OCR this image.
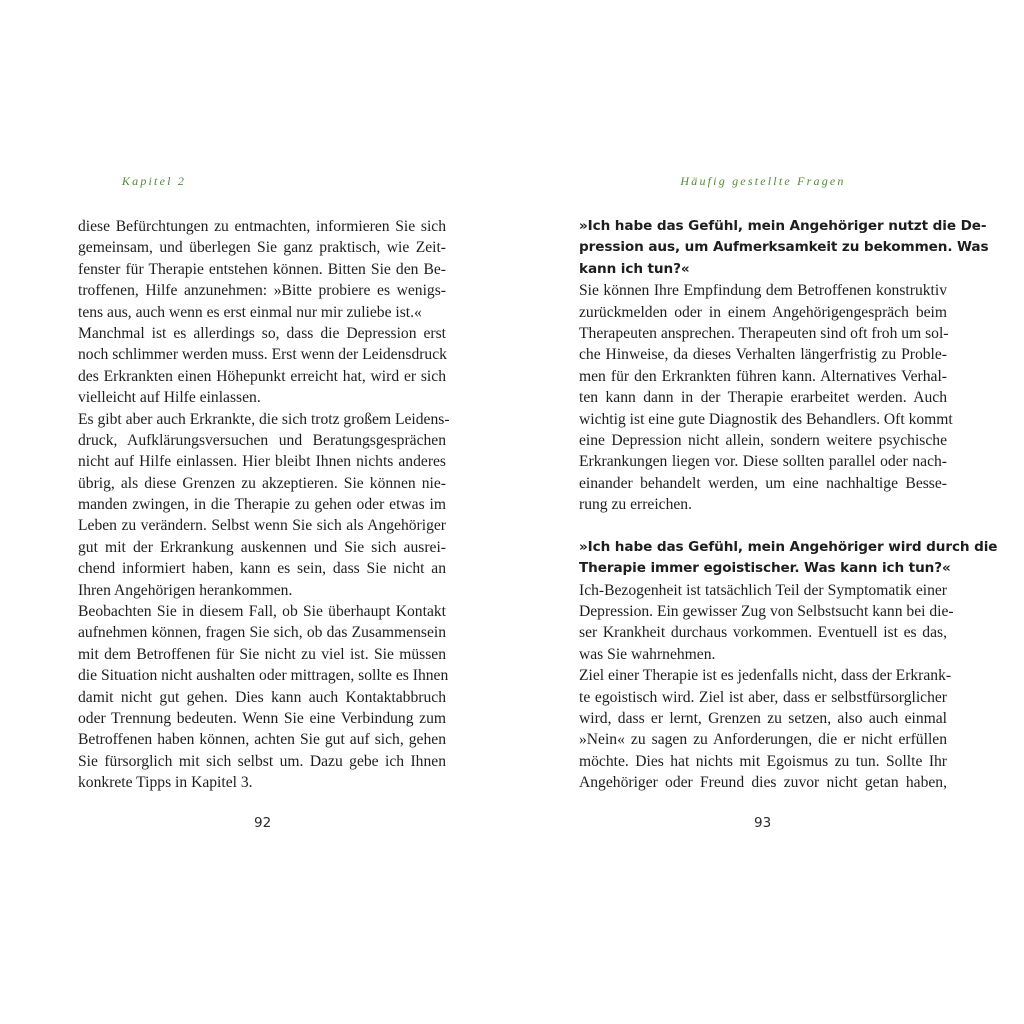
Kapitel 2
diese Befürchtungen zu entmachten, informieren Sie sich
gemeinsam, und überlegen Sie ganz praktisch, wie Zeit-
fenster für Therapie entstehen können. Bitten Sie den Be-
troffenen, Hilfe anzunehmen: »Bitte probiere es wenigs-
tens aus, auch wenn es erst einmal nur mir zuliebe ist.«
Manchmal ist es allerdings so, dass die Depression erst
noch schlimmer werden muss. Erst wenn der Leidensdruck
des Erkrankten einen Höhepunkt erreicht hat, wird er sich
vielleicht auf Hilfe einlassen.
Es gibt aber auch Erkrankte, die sich trotz großem Leidens-
druck, Aufklärungsversuchen und Beratungsgesprächen
nicht auf Hilfe einlassen. Hier bleibt Ihnen nichts anderes
übrig, als diese Grenzen zu akzeptieren. Sie können nie-
manden zwingen, in die Therapie zu gehen oder etwas im
Leben zu verändern. Selbst wenn Sie sich als Angehöriger
gut mit der Erkrankung auskennen und Sie sich ausrei-
chend informiert haben, kann es sein, dass Sie nicht an
Ihren Angehörigen herankommen.
Beobachten Sie in diesem Fall, ob Sie überhaupt Kontakt
aufnehmen können, fragen Sie sich, ob das Zusammensein
mit dem Betroffenen für Sie nicht zu viel ist. Sie müssen
die Situation nicht aushalten oder mittragen, sollte es Ihnen
damit nicht gut gehen. Dies kann auch Kontaktabbruch
oder Trennung bedeuten. Wenn Sie eine Verbindung zum
Betroffenen haben können, achten Sie gut auf sich, gehen
Sie fürsorglich mit sich selbst um. Dazu gebe ich Ihnen
konkrete Tipps in Kapitel 3.
92
Häufig gestellte Fragen
»Ich habe das Gefühl, mein Angehöriger nutzt die De-
pression aus, um Aufmerksamkeit zu bekommen. Was
kann ich tun?«
Sie können Ihre Empfindung dem Betroffenen konstruktiv
zurückmelden oder in einem Angehörigengespräch beim
Therapeuten ansprechen. Therapeuten sind oft froh um sol-
che Hinweise, da dieses Verhalten längerfristig zu Proble-
men für den Erkrankten führen kann. Alternatives Verhal-
ten kann dann in der Therapie erarbeitet werden. Auch
wichtig ist eine gute Diagnostik des Behandlers. Oft kommt
eine Depression nicht allein, sondern weitere psychische
Erkrankungen liegen vor. Diese sollten parallel oder nach-
einander behandelt werden, um eine nachhaltige Besse-
rung zu erreichen.
»Ich habe das Gefühl, mein Angehöriger wird durch die
Therapie immer egoistischer. Was kann ich tun?«
Ich-Bezogenheit ist tatsächlich Teil der Symptomatik einer
Depression. Ein gewisser Zug von Selbstsucht kann bei die-
ser Krankheit durchaus vorkommen. Eventuell ist es das,
was Sie wahrnehmen.
Ziel einer Therapie ist es jedenfalls nicht, dass der Erkrank-
te egoistisch wird. Ziel ist aber, dass er selbstfürsorglicher
wird, dass er lernt, Grenzen zu setzen, also auch einmal
»Nein« zu sagen zu Anforderungen, die er nicht erfüllen
möchte. Dies hat nichts mit Egoismus zu tun. Sollte Ihr
Angehöriger oder Freund dies zuvor nicht getan haben,
93
